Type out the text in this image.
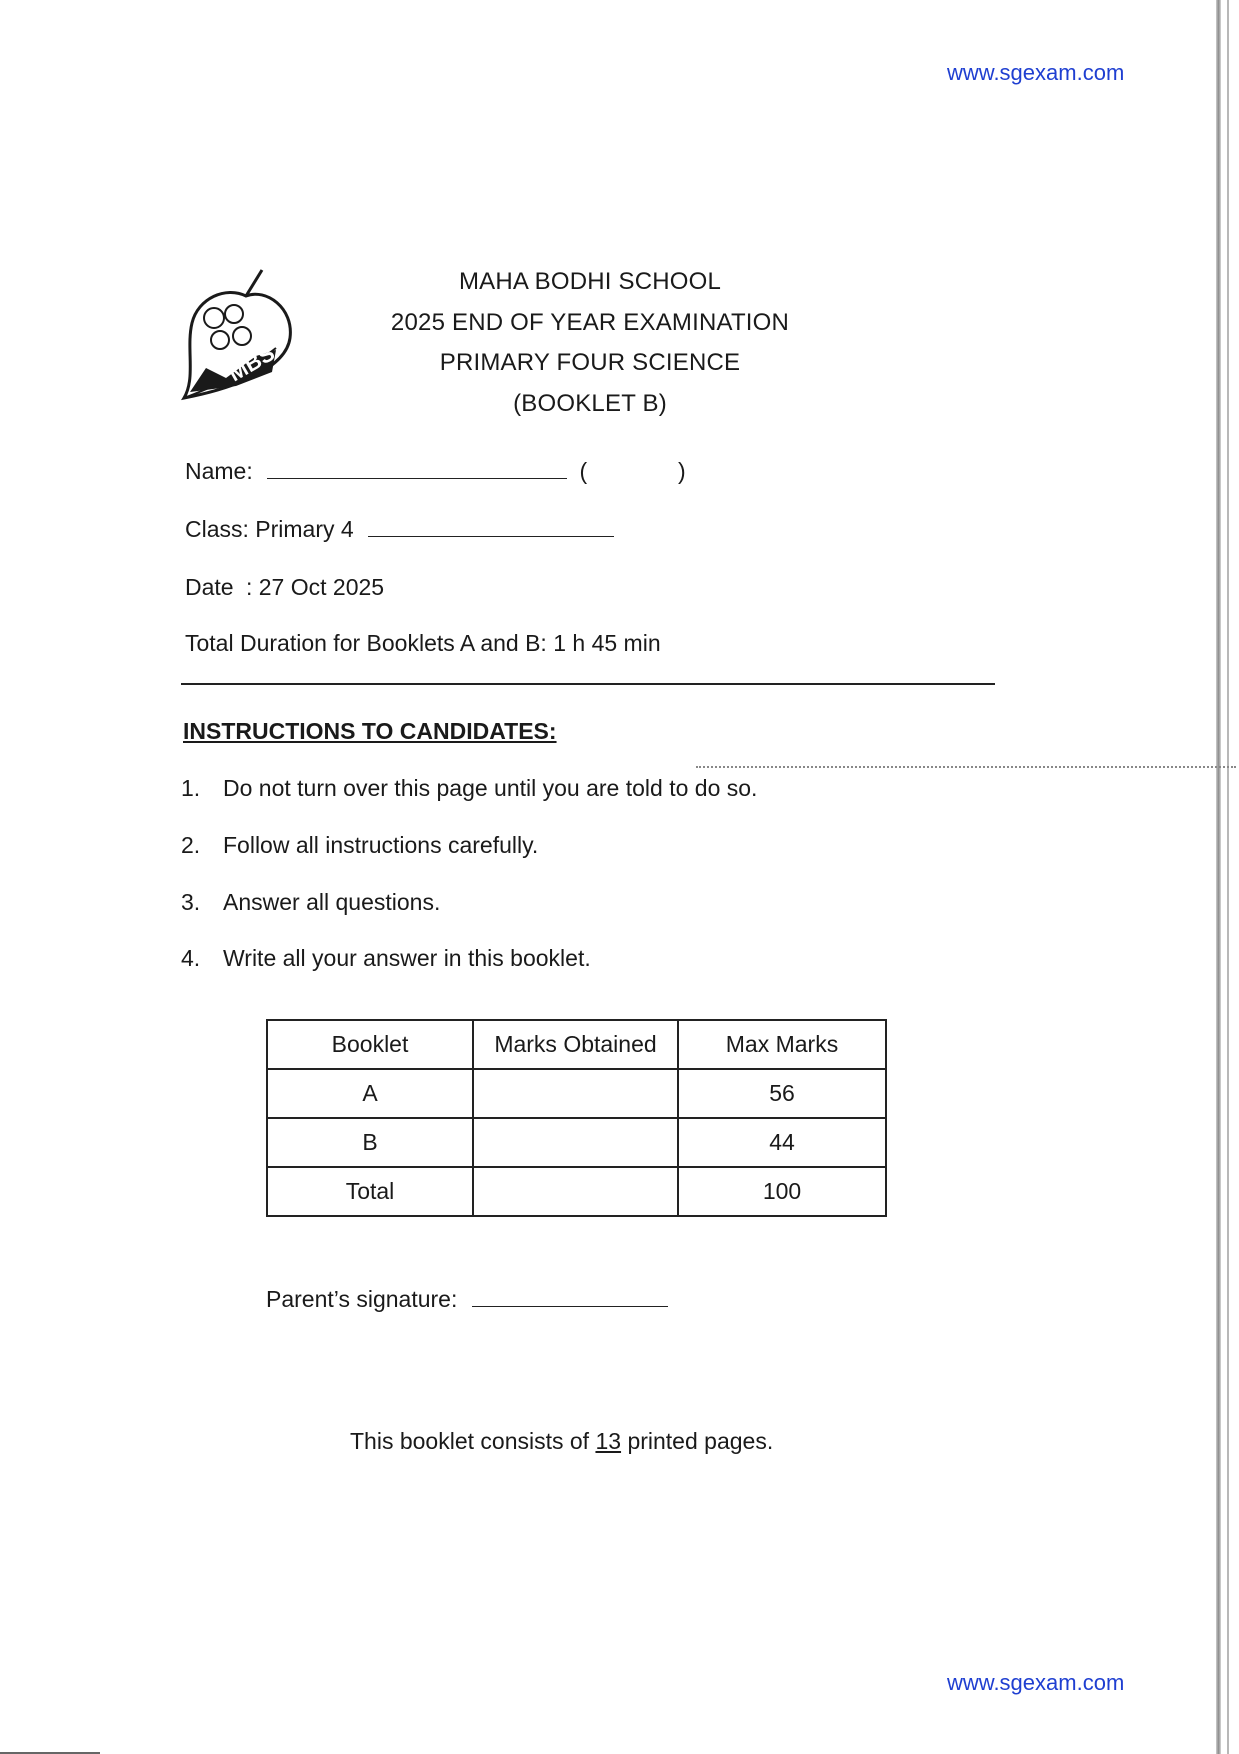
www.sgexam.com
MBS
MAHA BODHI SCHOOL
2025 END OF YEAR EXAMINATION
PRIMARY FOUR SCIENCE
(BOOKLET B)
Name:	(	)
Class: Primary 4
Date : 27 Oct 2025
Total Duration for Booklets A and B: 1 h 45 min
INSTRUCTIONS TO CANDIDATES:
1. Do not turn over this page until you are told to do so.
2. Follow all instructions carefully.
3. Answer all questions.
4. Write all your answer in this booklet.
Booklet	Marks Obtained	Max Marks
A		56
B		44
Total		100
Parent’s signature:
This booklet consists of 13 printed pages.
www.sgexam.com
